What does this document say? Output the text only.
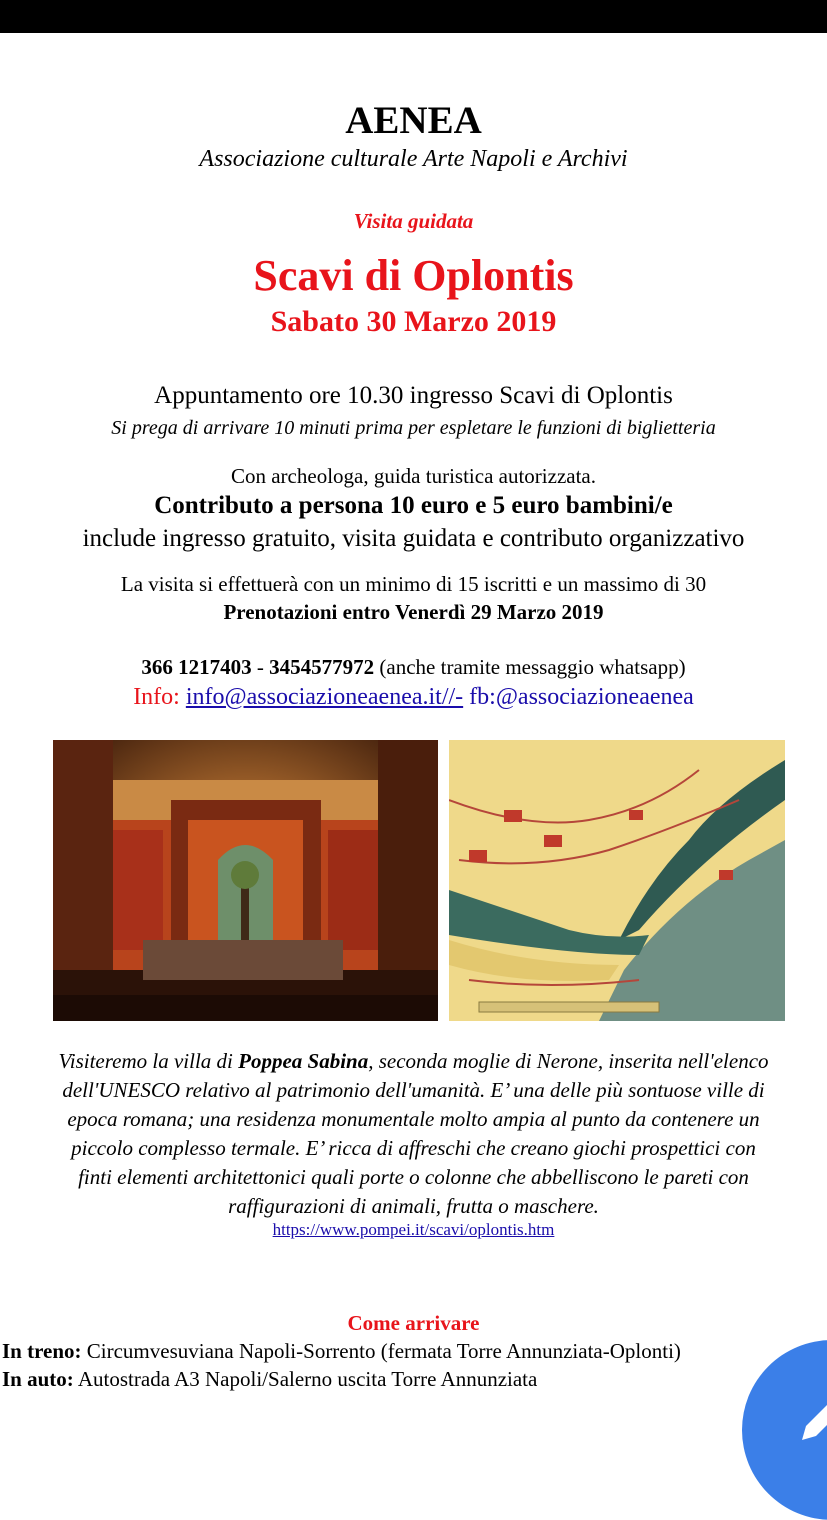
AENEA
Associazione culturale Arte Napoli e Archivi
Visita guidata
Scavi di Oplontis
Sabato 30 Marzo 2019
Appuntamento ore 10.30 ingresso Scavi di Oplontis
Si prega di arrivare 10 minuti prima per espletare le funzioni di biglietteria
Con archeologa, guida turistica autorizzata.
Contributo a persona 10 euro e 5 euro bambini/e
include ingresso gratuito, visita guidata e contributo organizzativo
La visita si effettuerà con un minimo di 15 iscritti e un massimo di 30
Prenotazioni entro Venerdì 29 Marzo 2019
366 1217403 - 3454577972 (anche tramite messaggio whatsapp)
Info: info@associazioneaenea.it//- fb:@associazioneaenea
Visiteremo la villa di Poppea Sabina, seconda moglie di Nerone, inserita nell'elenco
dell'UNESCO relativo al patrimonio dell'umanità. E’ una delle più sontuose ville di
epoca romana; una residenza monumentale molto ampia al punto da contenere un
piccolo complesso termale. E’ ricca di affreschi che creano giochi prospettici con
finti elementi architettonici quali porte o colonne che abbelliscono le pareti con
raffigurazioni di animali, frutta o maschere.
https://www.pompei.it/scavi/oplontis.htm
Come arrivare
In treno: Circumvesuviana Napoli-Sorrento (fermata Torre Annunziata-Oplonti)
In auto: Autostrada A3 Napoli/Salerno uscita Torre Annunziata
